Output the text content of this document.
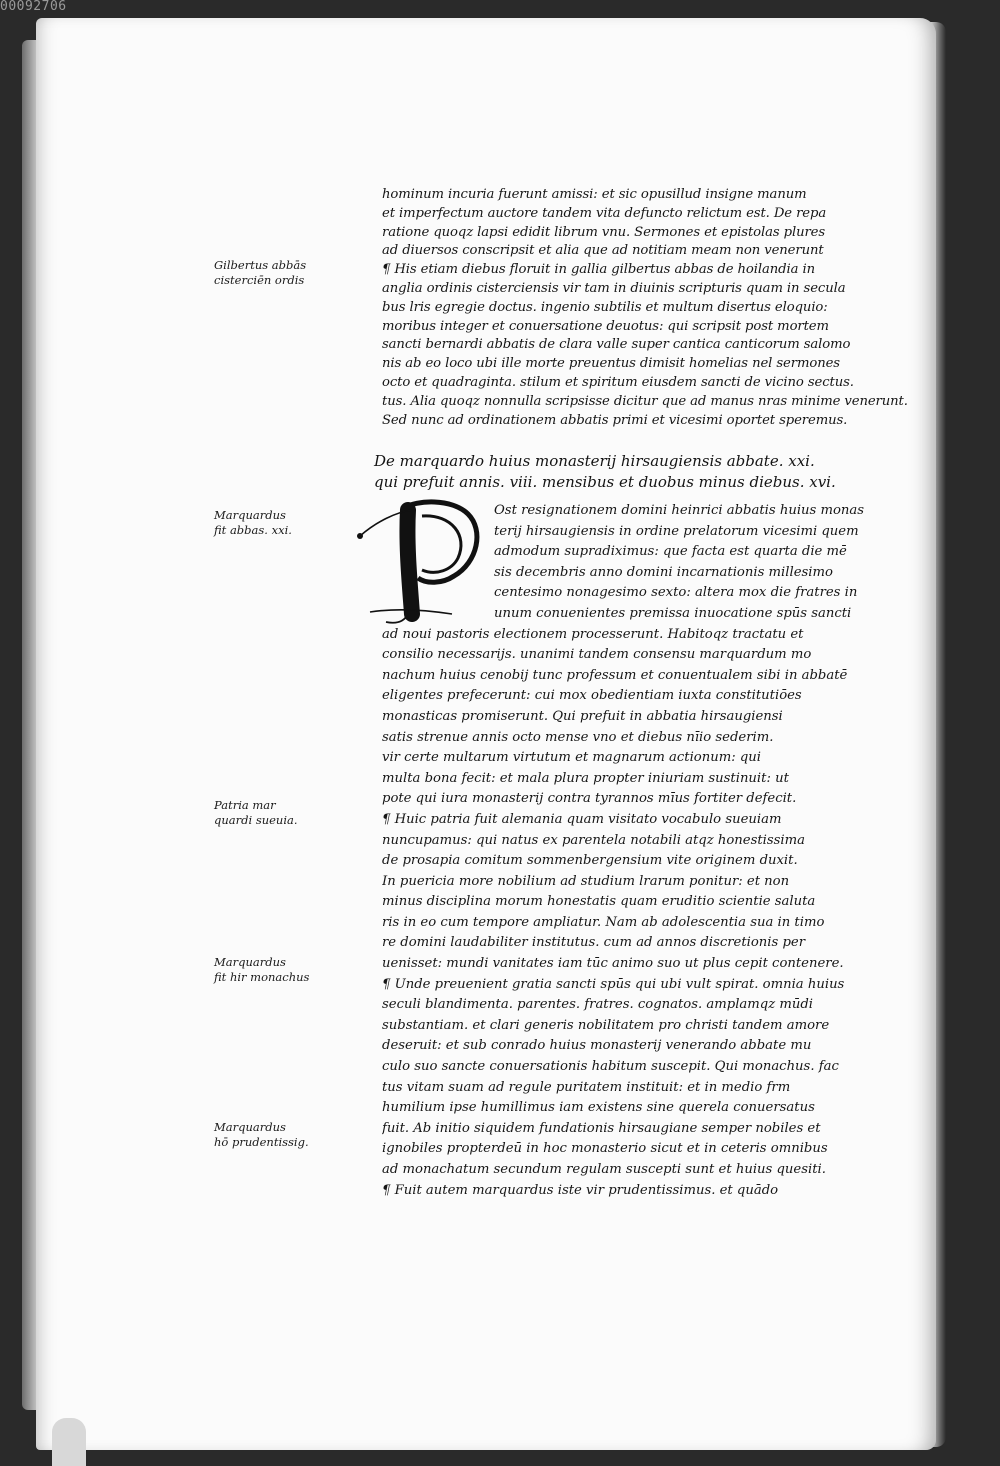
00092706
Gilbertus abbās
cisterciēn ordis
Marquardus
fit abbas. xxi.
Patria mar
quardi sueuia.
Marquardus
fit hir monachus
Marquardus
hō prudentissig.
hominum incuria fuerunt amissi: et sic opusillud insigne manum
et imperfectum auctore tandem vita defuncto relictum est. De repa
ratione quoqz lapsi edidit librum vnu. Sermones et epistolas plures
ad diuersos conscripsit et alia que ad notitiam meam non venerunt
¶ His etiam diebus floruit in gallia gilbertus abbas de hoilandia in
anglia ordinis cisterciensis vir tam in diuinis scripturis quam in secula
bus lris egregie doctus. ingenio subtilis et multum disertus eloquio:
moribus integer et conuersatione deuotus: qui scripsit post mortem
sancti bernardi abbatis de clara valle super cantica canticorum salomo
nis ab eo loco ubi ille morte preuentus dimisit homelias nel sermones
octo et quadraginta. stilum et spiritum eiusdem sancti de vicino sectus.
tus. Alia quoqz nonnulla scripsisse dicitur que ad manus nras minime venerunt.
Sed nunc ad ordinationem abbatis primi et vicesimi oportet speremus.
De marquardo huius monasterij hirsaugiensis abbate. xxi.
qui prefuit annis. viii. mensibus et duobus minus diebus. xvi.
Ost resignationem domini heinrici abbatis huius monas
terij hirsaugiensis in ordine prelatorum vicesimi quem
admodum supradiximus: que facta est quarta die mē
sis decembris anno domini incarnationis millesimo
centesimo nonagesimo sexto: altera mox die fratres in
unum conuenientes premissa inuocatione spūs sancti
ad noui pastoris electionem processerunt. Habitoqz tractatu et
consilio necessarijs. unanimi tandem consensu marquardum mo
nachum huius cenobij tunc professum et conuentualem sibi in abbatē
eligentes prefecerunt: cui mox obedientiam iuxta constitutiōes
monasticas promiserunt. Qui prefuit in abbatia hirsaugiensi
satis strenue annis octo mense vno et diebus nīio sederim.
vir certe multarum virtutum et magnarum actionum: qui
multa bona fecit: et mala plura propter iniuriam sustinuit: ut
pote qui iura monasterij contra tyrannos mīus fortiter defecit.
¶ Huic patria fuit alemania quam visitato vocabulo sueuiam
nuncupamus: qui natus ex parentela notabili atqz honestissima
de prosapia comitum sommenbergensium vite originem duxit.
In puericia more nobilium ad studium lrarum ponitur: et non
minus disciplina morum honestatis quam eruditio scientie saluta
ris in eo cum tempore ampliatur. Nam ab adolescentia sua in timo
re domini laudabiliter institutus. cum ad annos discretionis per
uenisset: mundi vanitates iam tūc animo suo ut plus cepit contenere.
¶ Unde preuenient gratia sancti spūs qui ubi vult spirat. omnia huius
seculi blandimenta. parentes. fratres. cognatos. amplamqz mūdi
substantiam. et clari generis nobilitatem pro christi tandem amore
deseruit: et sub conrado huius monasterij venerando abbate mu
culo suo sancte conuersationis habitum suscepit. Qui monachus. fac
tus vitam suam ad regule puritatem instituit: et in medio frm
humilium ipse humillimus iam existens sine querela conuersatus
fuit. Ab initio siquidem fundationis hirsaugiane semper nobiles et
ignobiles propterdeū in hoc monasterio sicut et in ceteris omnibus
ad monachatum secundum regulam suscepti sunt et huius quesiti.
¶ Fuit autem marquardus iste vir prudentissimus. et quādo
